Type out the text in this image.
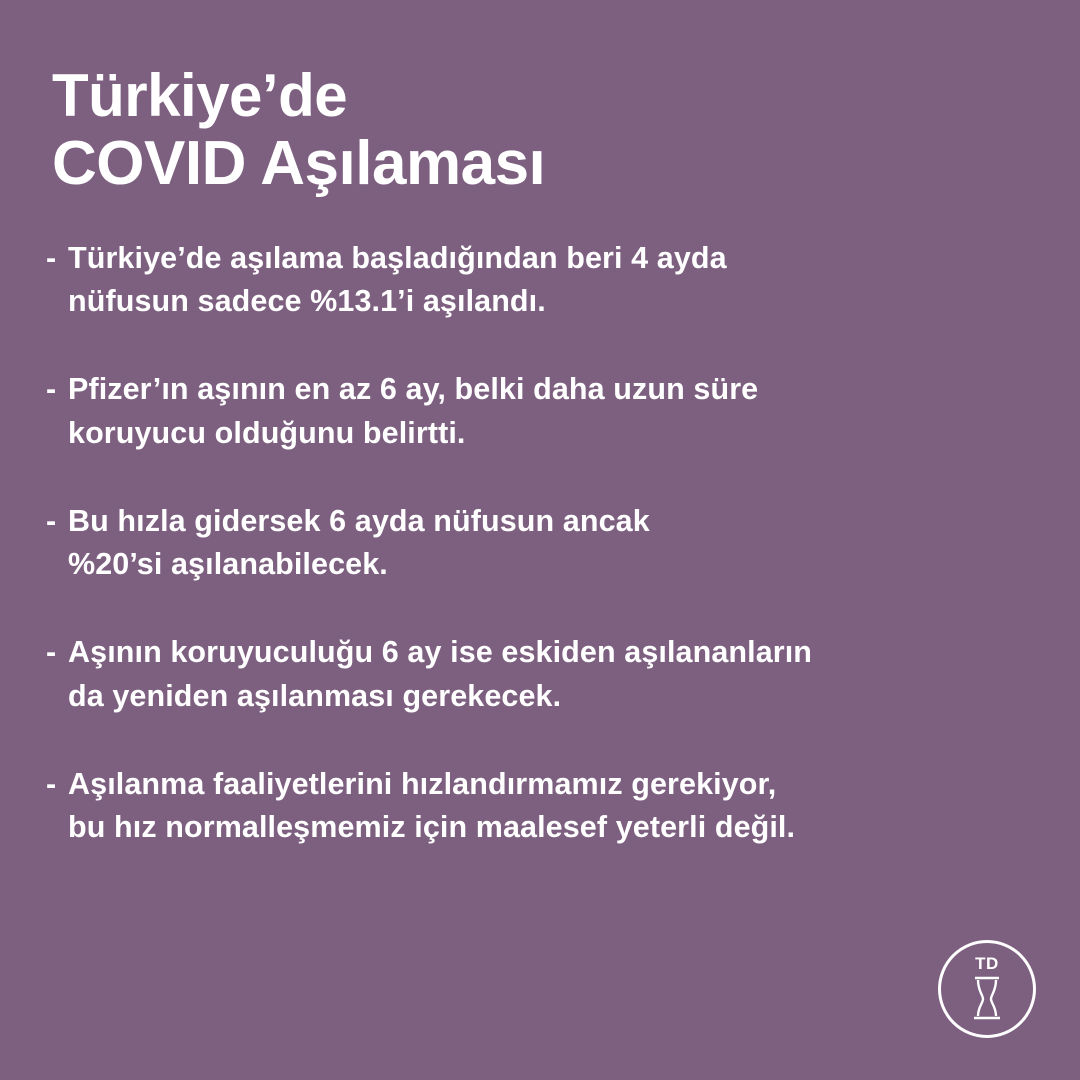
Türkiye’de
COVID Aşılaması
- Türkiye’de aşılama başladığından beri 4 ayda
nüfusun sadece %13.1’i aşılandı.
- Pfizer’ın aşının en az 6 ay, belki daha uzun süre
koruyucu olduğunu belirtti.
- Bu hızla gidersek 6 ayda nüfusun ancak
%20’si aşılanabilecek.
- Aşının koruyuculuğu 6 ay ise eskiden aşılananların
da yeniden aşılanması gerekecek.
- Aşılanma faaliyetlerini hızlandırmamız gerekiyor,
bu hız normalleşmemiz için maalesef yeterli değil.
TD
